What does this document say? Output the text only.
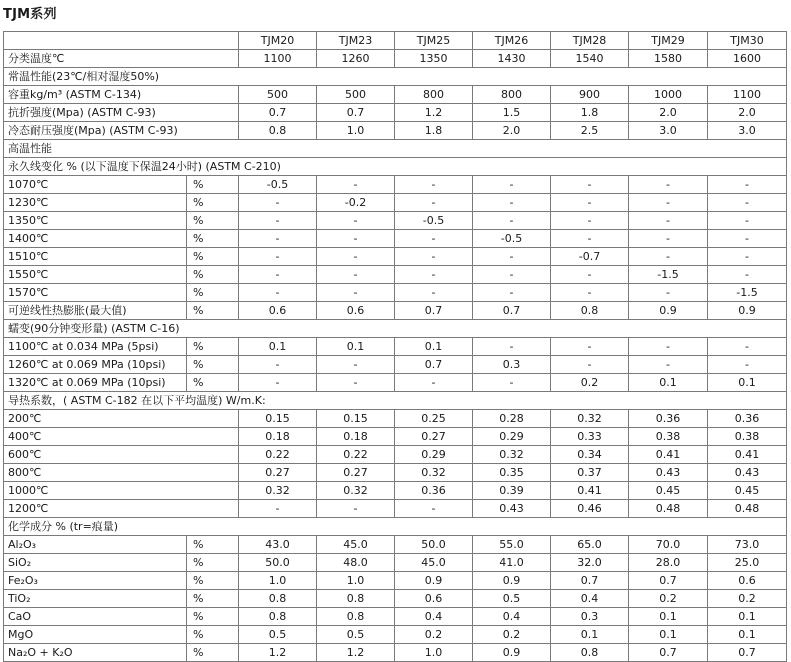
TJM系列
		TJM20	TJM23	TJM25	TJM26	TJM28	TJM29	TJM30
分类温度℃		1100	1260	1350	1430	1540	1580	1600
常温性能(23℃/相对湿度50%)								
容重kg/m³ (ASTM C-134)		500	500	800	800	900	1000	1100
抗折强度(Mpa) (ASTM C-93)		0.7	0.7	1.2	1.5	1.8	2.0	2.0
冷态耐压强度(Mpa) (ASTM C-93)		0.8	1.0	1.8	2.0	2.5	3.0	3.0
高温性能								
永久线变化 % (以下温度下保温24小时) (ASTM C-210)								
1070℃	%	-0.5	-	-	-	-	-	-
1230℃	%	-	-0.2	-	-	-	-	-
1350℃	%	-	-	-0.5	-	-	-	-
1400℃	%	-	-	-	-0.5	-	-	-
1510℃	%	-	-	-	-	-0.7	-	-
1550℃	%	-	-	-	-	-	-1.5	-
1570℃	%	-	-	-	-	-	-	-1.5
可逆线性热膨胀(最大值)	%	0.6	0.6	0.7	0.7	0.8	0.9	0.9
蠕变(90分钟变形量) (ASTM C-16)								
1100℃ at 0.034 MPa (5psi)	%	0.1	0.1	0.1	-	-	-	-
1260℃ at 0.069 MPa (10psi)	%	-	-	0.7	0.3	-	-	-
1320℃ at 0.069 MPa (10psi)	%	-	-	-	-	0.2	0.1	0.1
导热系数，( ASTM C-182 在以下平均温度) W/m.K:								
200℃		0.15	0.15	0.25	0.28	0.32	0.36	0.36
400℃		0.18	0.18	0.27	0.29	0.33	0.38	0.38
600℃		0.22	0.22	0.29	0.32	0.34	0.41	0.41
800℃		0.27	0.27	0.32	0.35	0.37	0.43	0.43
1000℃		0.32	0.32	0.36	0.39	0.41	0.45	0.45
1200℃		-	-	-	0.43	0.46	0.48	0.48
化学成分 % (tr=痕量)								
Al₂O₃	%	43.0	45.0	50.0	55.0	65.0	70.0	73.0
SiO₂	%	50.0	48.0	45.0	41.0	32.0	28.0	25.0
Fe₂O₃	%	1.0	1.0	0.9	0.9	0.7	0.7	0.6
TiO₂	%	0.8	0.8	0.6	0.5	0.4	0.2	0.2
CaO	%	0.8	0.8	0.4	0.4	0.3	0.1	0.1
MgO	%	0.5	0.5	0.2	0.2	0.1	0.1	0.1
Na₂O + K₂O	%	1.2	1.2	1.0	0.9	0.8	0.7	0.7
